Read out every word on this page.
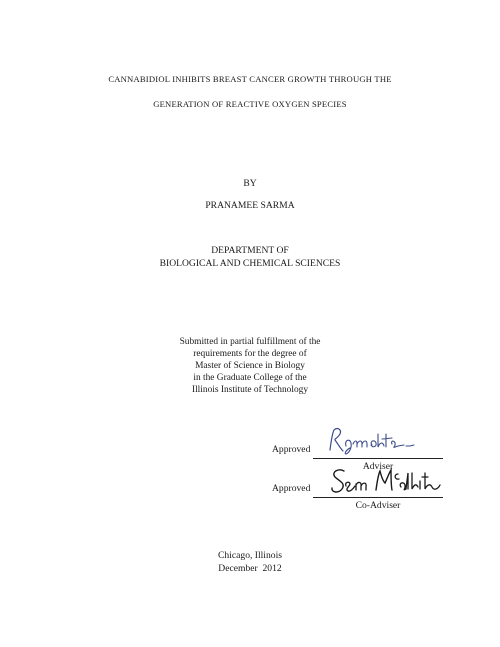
CANNABIDIOL INHIBITS BREAST CANCER GROWTH THROUGH THE
GENERATION OF REACTIVE OXYGEN SPECIES
BY
PRANAMEE SARMA
DEPARTMENT OF
BIOLOGICAL AND CHEMICAL SCIENCES
Submitted in partial fulfillment of the
requirements for the degree of
Master of Science in Biology
in the Graduate College of the
Illinois Institute of Technology
Approved
Adviser
Approved
Co-Adviser
Chicago, Illinois
December  2012
